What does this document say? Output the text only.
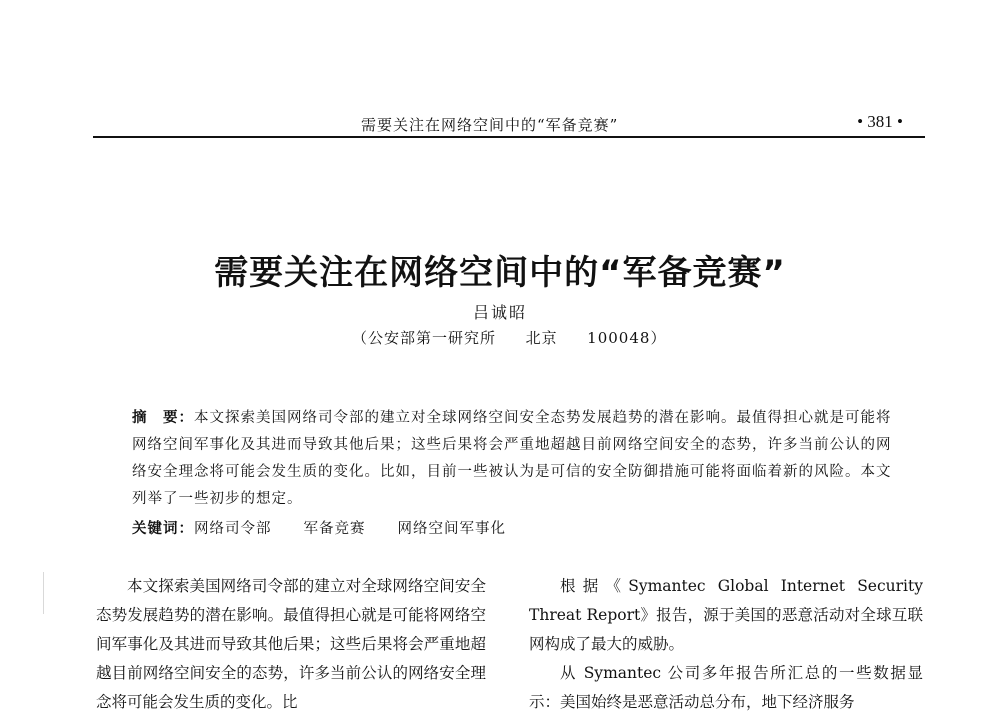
需要关注在网络空间中的“军备竞赛”	• 381 •
需要关注在网络空间中的“军备竞赛”
吕诚昭
（公安部第一研究所 北京 100048）
摘　要：本文探索美国网络司令部的建立对全球网络空间安全态势发展趋势的潜在影响。最值得担心就是可能将网络空间军事化及其进而导致其他后果；这些后果将会严重地超越目前网络空间安全的态势，许多当前公认的网络安全理念将可能会发生质的变化。比如，目前一些被认为是可信的安全防御措施可能将面临着新的风险。本文列举了一些初步的想定。
关键词：网络司令部 军备竞赛 网络空间军事化

本文探索美国网络司令部的建立对全球网络空间安全态势发展趋势的潜在影响。最值得担心就是可能将网络空间军事化及其进而导致其他后果；这些后果将会严重地超越目前网络空间安全的态势，许多当前公认的网络安全理念将可能会发生质的变化。比

根据《Symantec Global Internet Security Threat Report》报告，源于美国的恶意活动对全球互联网构成了最大的威胁。

从 Symantec 公司多年报告所汇总的一些数据显示：美国始终是恶意活动总分布，地下经济服务
